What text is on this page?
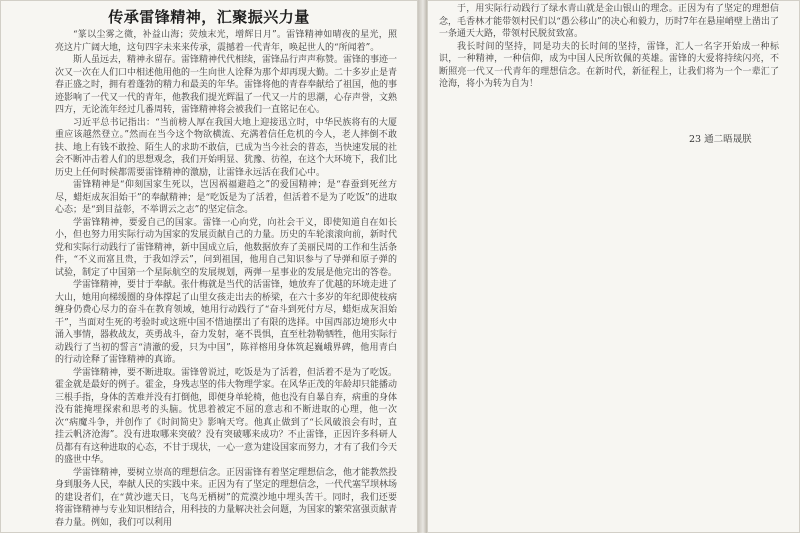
传承雷锋精神，汇聚振兴力量

“篆以尘雾之微，补益山海；荧烛末光，增辉日月”。雷锋精神如晴夜的星光，照亮这片广阔大地，这句四字未来来传承，震撼着一代青年，唤起世人的“所闻着”。

斯人虽远去，精神永留存。雷锋精神代代相续，雷锋品行声声称赞。雷锋的事迹一次又一次在人们口中相述他用他的一生向世人诠释为那个却再现大勤。二十多岁止是青春正盛之时，拥有着蓬勃的精力和最美的年华。雷锋将他的青春奉献给了祖国，他的事迹影响了一代又一代的青年，他教我们提光辉温了一代又一片的思潮，心存声誉，文熟四方，无论流年经过几番周转，雷锋精神将会被我们一直铭记在心。

习近平总书记指出：“当前榜人厚在我国大地上迎接迅立时，中华民族将有的大厦重应该越然登立。”然而在当今这个物欲横流、充满着信任危机的今人，老人摔倒不敢扶、地上有钱不敢捡、陌生人的求助不敢信，已成为当今社会的普态，当快速发展的社会不断冲击着人们的思想观念，我们开始明显、犹豫、彷徨，在这个大环境下，我们比历史上任何时候都需要雷锋精神的激励，让雷锋永远活在我们心中。

雷锋精神是“仰刻国家生死以，岂因祸福避趋之”的爱国精神；是“春蚕到死丝方尽，蜡炬成灰泪始干”的奉献精神；是“吃饭是为了活着，但活着不是为了吃饭”的进取心态；是“到目益彰，不举谓云之志”的坚定信念。

学雷锋精神，要爱自己的国家。雷锋一心向党，向社会干义，即使知道自在如长小，但也努力用实际行动为国家的发展贡献自己的力量。历史的车轮滚滚向前，新时代党和实际行动践行了雷锋精神，新中国成立后，他数据放弃了美丽民周的工作和生活条件，“不义而富且贵，于我如浮云”，问到祖国，他用自己知识参与了导弹和原子弹的试验，制定了中国第一个星际航空的发展规划，两弹一星事业的发展是他完出的答卷。

学雷锋精神，要甘于奉献。张什梅就是当代的活雷锋，她放弃了优越的环境走进了大山，她用向梯缓圈的身体撑起了山里女孩走出去的桥梁，在六十多岁的年纪即使枝病缠身仍费心尽力的奋斗在教育领域，她用行动践行了“奋斗到死付方尽，蜡炬成灰泪始干”，当面对生死的考验时或这班中国不惜迪摆出了有限的选择。中国西部边境形火中涌入事情，器救战友，英勇战斗，奋力发射，毫不畏惧，直至杜勃勒牺牲，他用实际行动践行了当初的誓言“清澈的爱，只为中国”，陈祥榕用身体筑起巍峨界碑，他用青白的行动诠释了雷锋精神的真谛。

学雷锋精神，要不断进取。雷锋曾说过，吃饭是为了活着，但活着不是为了吃饭。霍金就是最好的例子。霍金，身残志坚的伟大物理学家。在风华正茂的年龄却只能播动三根手指，身体的苦难并没有打倒他，即便身单轮椅，他也没有自暴自弃，病重的身体没有能掩埋探索和思考的头脑。忧思着被定不屈的意志和不断进取的心理，他一次次“病魔斗争，并创作了《时间简史》影响天穹。他真止做到了“长风破浪会有时，直挂云帆济沧海”。没有进取哪来突破？没有突破哪来成功？不止雷锋，正因许多科研人员都有有这种进取的心态，不甘于现状，一心一意为建设国家而努力，才有了我们今天的盛世中华。

学雷锋精神，要树立崇高的理想信念。正因雷锋有着坚定理想信念，他才能教然投身到服务人民，奉献人民的实践中来。正因为有了坚定的理想信念，一代代塞罕坝林场的建设者们，在“黄沙遮天日，飞鸟无栖树”的荒漠沙地中埋头苦干。同时，我们还要将雷锋精神与专业知识相结合，用科技的力量解决社会问题，为国家的繁荣富强贡献青春力量。例如，我们可以利用

于，用实际行动践行了绿水青山就是金山银山的理念。正因为有了坚定的理想信念，毛香林才能带领村民们以“愚公移山”的决心和毅力，历时7年在悬崖峭壁上凿出了一条通天大路，带领村民脱贫致富。

我长时间的坚持，同是功夫的长时间的坚持，雷锋，汇人一名字开始成一种标识，一种精神，一种信仰，成为中国人民所钦佩的英雄。雷锋的大爱将持续闪亮，不断照亮一代又一代青年的理想信念。在新时代，新征程上，让我们将为一个一辈汇了沧海，将小为转为自为！

23 通二晤晟朕
